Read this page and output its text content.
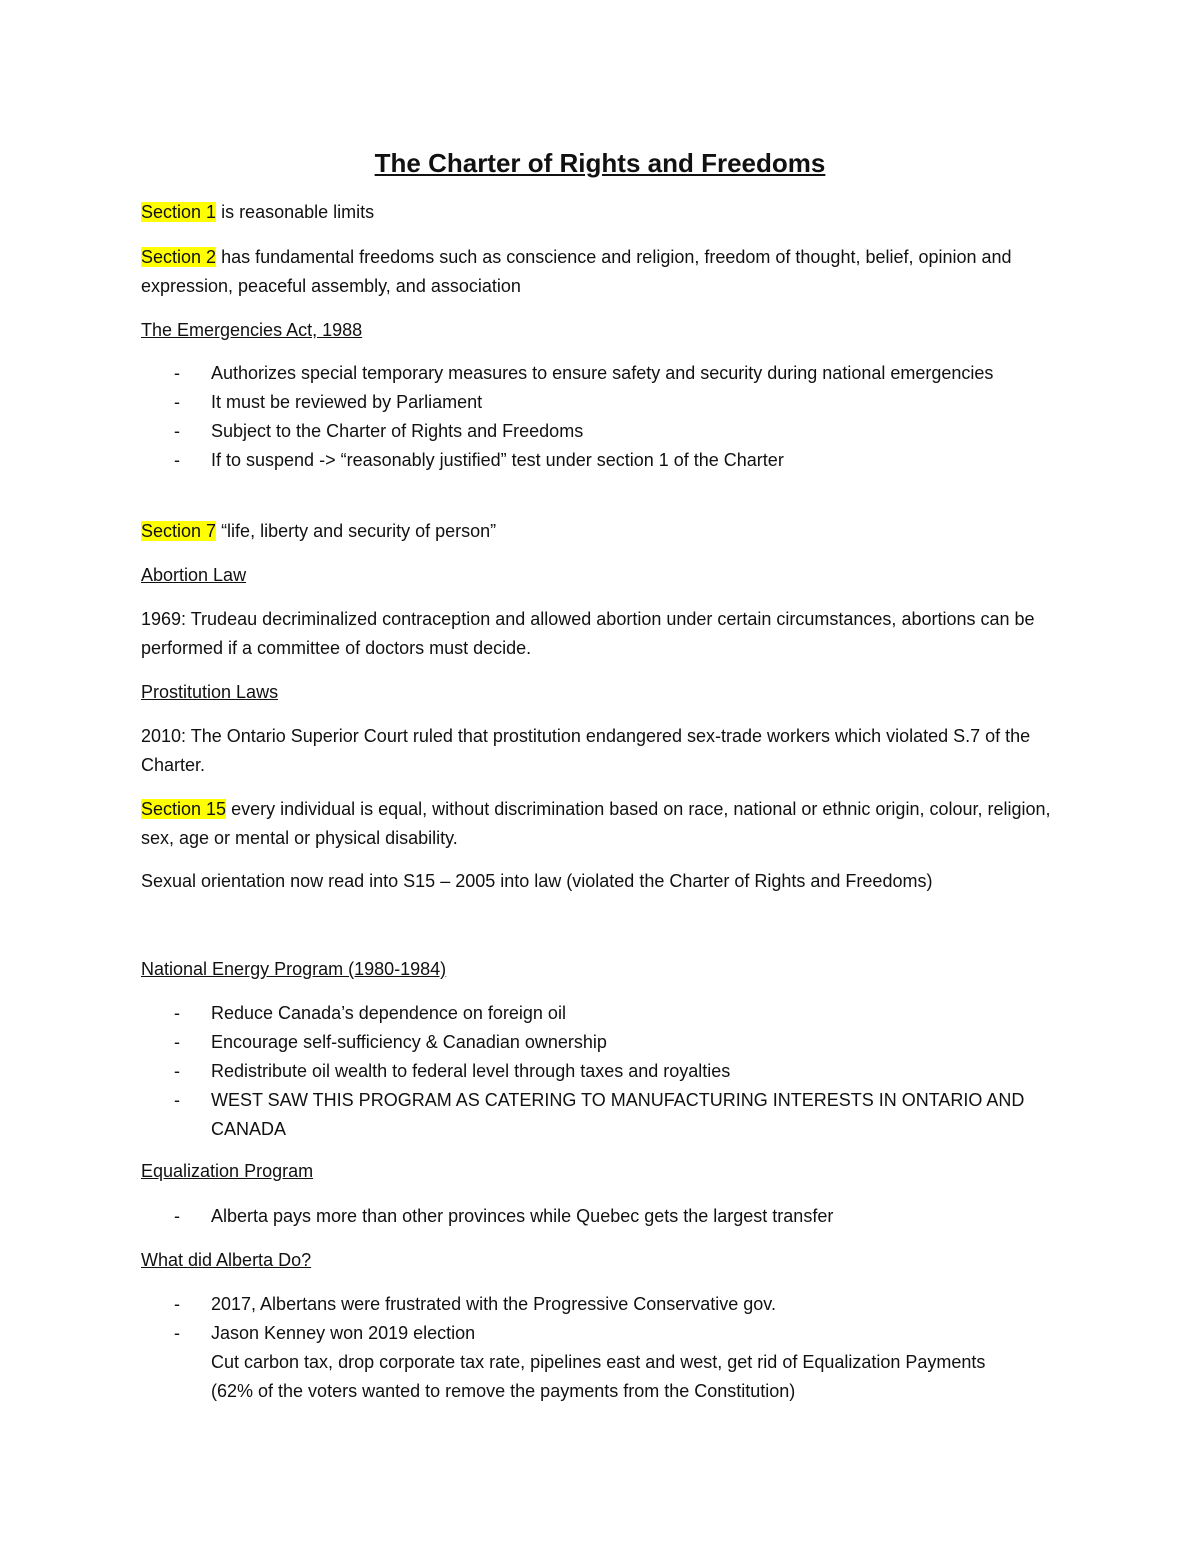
The Charter of Rights and Freedoms
Section 1 is reasonable limits
Section 2 has fundamental freedoms such as conscience and religion, freedom of thought, belief, opinion and expression, peaceful assembly, and association
The Emergencies Act, 1988
- Authorizes special temporary measures to ensure safety and security during national emergencies
- It must be reviewed by Parliament
- Subject to the Charter of Rights and Freedoms
- If to suspend -> “reasonably justified” test under section 1 of the Charter
Section 7 “life, liberty and security of person”
Abortion Law
1969: Trudeau decriminalized contraception and allowed abortion under certain circumstances, abortions can be performed if a committee of doctors must decide.
Prostitution Laws
2010: The Ontario Superior Court ruled that prostitution endangered sex-trade workers which violated S.7 of the Charter.
Section 15 every individual is equal, without discrimination based on race, national or ethnic origin, colour, religion, sex, age or mental or physical disability.
Sexual orientation now read into S15 – 2005 into law (violated the Charter of Rights and Freedoms)
National Energy Program (1980-1984)
- Reduce Canada’s dependence on foreign oil
- Encourage self-sufficiency & Canadian ownership
- Redistribute oil wealth to federal level through taxes and royalties
- WEST SAW THIS PROGRAM AS CATERING TO MANUFACTURING INTERESTS IN ONTARIO AND CANADA
Equalization Program
- Alberta pays more than other provinces while Quebec gets the largest transfer
What did Alberta Do?
- 2017, Albertans were frustrated with the Progressive Conservative gov.
- Jason Kenney won 2019 election
Cut carbon tax, drop corporate tax rate, pipelines east and west, get rid of Equalization Payments
(62% of the voters wanted to remove the payments from the Constitution)
